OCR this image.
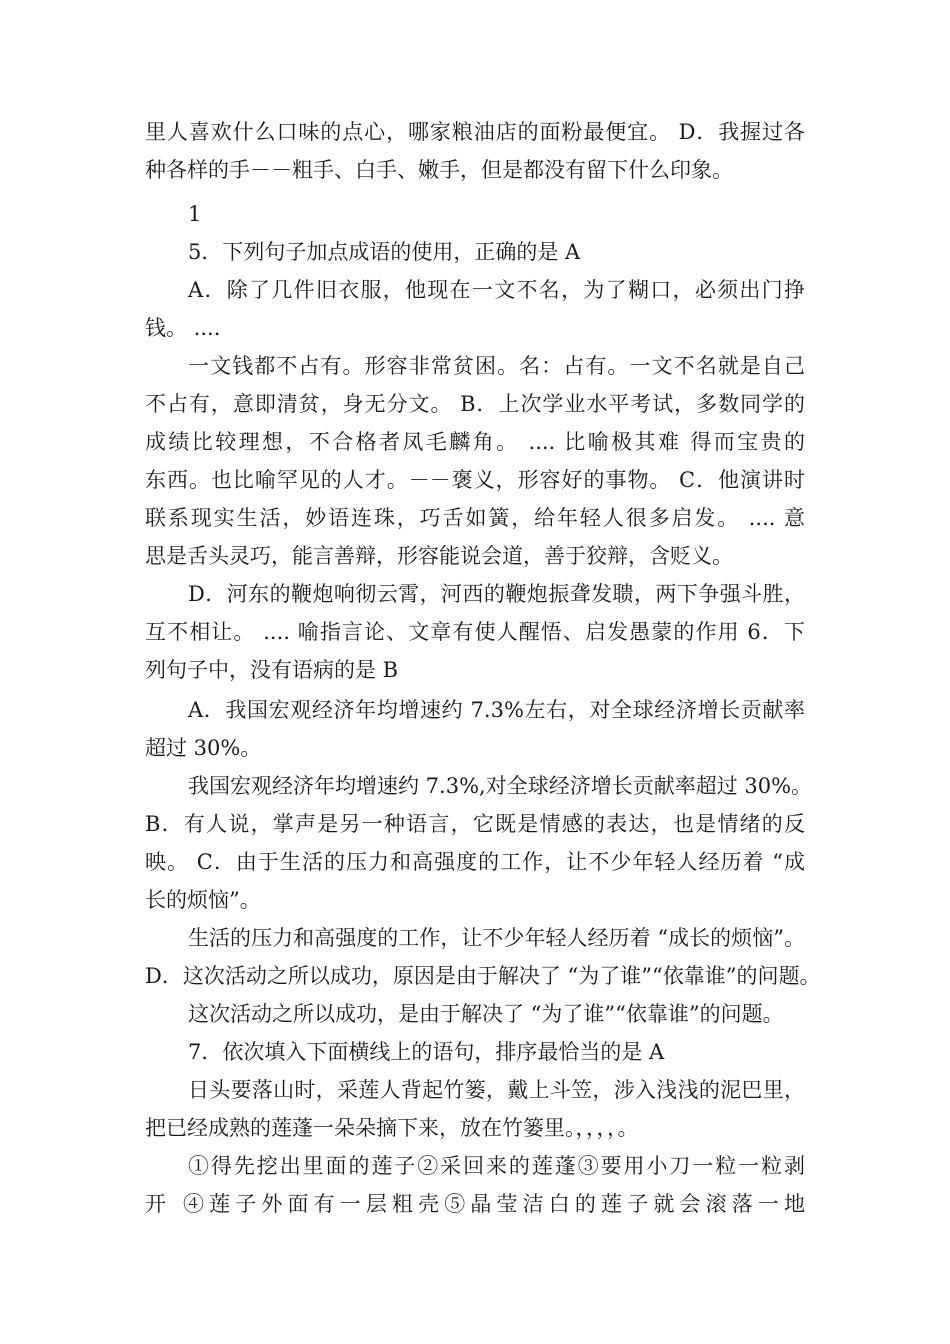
里人喜欢什么口味的点心，哪家粮油店的面粉最便宜。 D．我握过各
种各样的手－－粗手、白手、嫩手，但是都没有留下什么印象。
1
5．下列句子加点成语的使用，正确的是 A
A．除了几件旧衣服，他现在一文不名，为了糊口，必须出门挣
钱。 ....
一文钱都不占有。形容非常贫困。名：占有。一文不名就是自己
不占有，意即清贫，身无分文。 B．上次学业水平考试，多数同学的
成绩比较理想，不合格者凤毛麟角。 .... 比喻极其难 得而宝贵的
东西。也比喻罕见的人才。－－褒义，形容好的事物。 C．他演讲时
联系现实生活，妙语连珠，巧舌如簧，给年轻人很多启发。 .... 意
思是舌头灵巧，能言善辩，形容能说会道，善于狡辩，含贬义。
D．河东的鞭炮响彻云霄，河西的鞭炮振聋发聩，两下争强斗胜，
互不相让。 .... 喻指言论、文章有使人醒悟、启发愚蒙的作用 6．下
列句子中，没有语病的是 B
A．我国宏观经济年均增速约 7.3%左右，对全球经济增长贡献率
超过 30%。
我国宏观经济年均增速约 7.3%,对全球经济增长贡献率超过 30%。
B．有人说，掌声是另一种语言，它既是情感的表达，也是情绪的反
映。 C．由于生活的压力和高强度的工作，让不少年轻人经历着 “成
长的烦恼”。
生活的压力和高强度的工作，让不少年轻人经历着 “成长的烦恼”。
D．这次活动之所以成功，原因是由于解决了 “为了谁”“依靠谁”的问题。
这次活动之所以成功，是由于解决了 “为了谁”“依靠谁”的问题。
7．依次填入下面横线上的语句，排序最恰当的是 A
日头要落山时，采莲人背起竹篓，戴上斗笠，涉入浅浅的泥巴里，
把已经成熟的莲蓬一朵朵摘下来，放在竹篓里。，，，，。
①得先挖出里面的莲子②采回来的莲蓬③要用小刀一粒一粒剥
开 ④莲子外面有一层粗壳⑤晶莹洁白的莲子就会滚落一地
